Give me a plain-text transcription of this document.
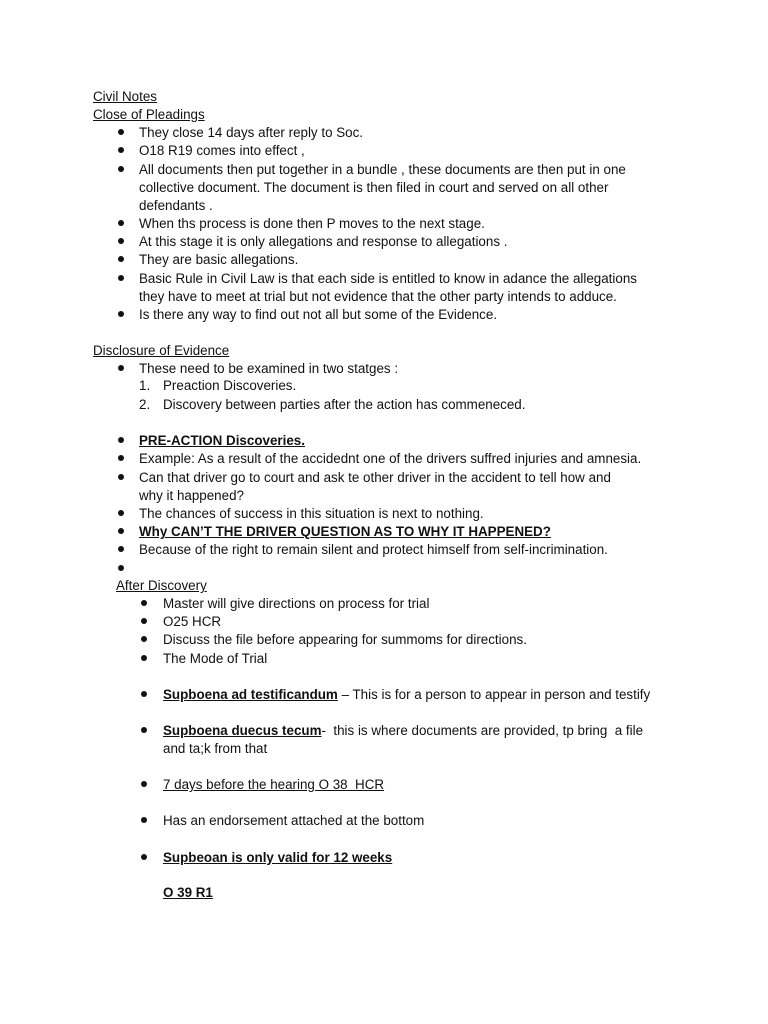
Civil Notes
Close of Pleadings
They close 14 days after reply to Soc.
O18 R19 comes into effect ,
All documents then put together in a bundle , these documents are then put in one
collective document. The document is then filed in court and served on all other
defendants .
When ths process is done then P moves to the next stage.
At this stage it is only allegations and response to allegations .
They are basic allegations.
Basic Rule in Civil Law is that each side is entitled to know in adance the allegations
they have to meet at trial but not evidence that the other party intends to adduce.
Is there any way to find out not all but some of the Evidence.
Disclosure of Evidence
These need to be examined in two statges :
1. Preaction Discoveries.
2. Discovery between parties after the action has commeneced.
PRE-ACTION Discoveries.
Example: As a result of the accidednt one of the drivers suffred injuries and amnesia.
Can that driver go to court and ask te other driver in the accident to tell how and
why it happened?
The chances of success in this situation is next to nothing.
Why CAN’T THE DRIVER QUESTION AS TO WHY IT HAPPENED?
Because of the right to remain silent and protect himself from self-incrimination.
After Discovery
Master will give directions on process for trial
O25 HCR
Discuss the file before appearing for summoms for directions.
The Mode of Trial
Supboena ad testificandum – This is for a person to appear in person and testify
Supboena duecus tecum-  this is where documents are provided, tp bring  a file
and ta;k from that
7 days before the hearing O 38  HCR
Has an endorsement attached at the bottom
Supbeoan is only valid for 12 weeks
O 39 R1
